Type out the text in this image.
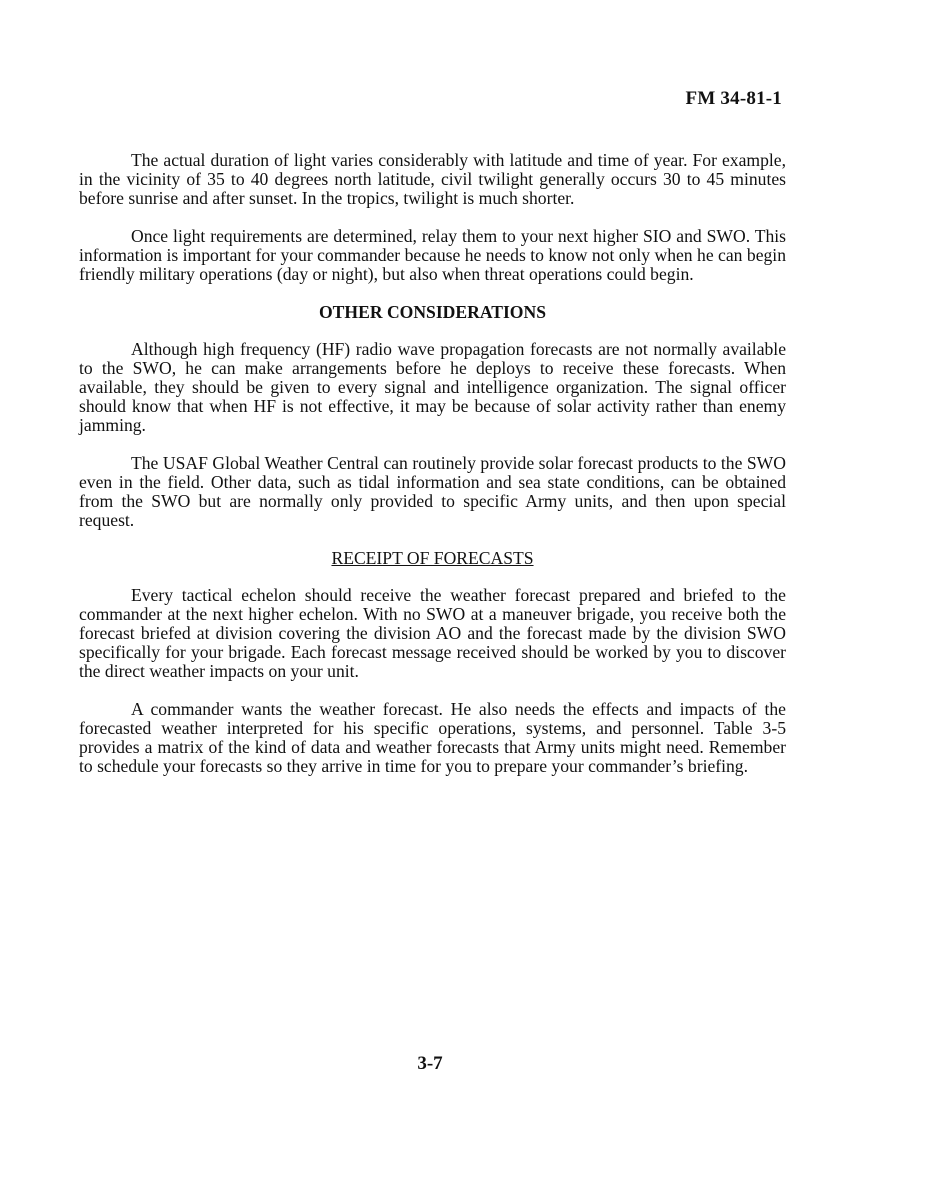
FM 34-81-1

The actual duration of light varies considerably with latitude and time of year. For example, in the vicinity of 35 to 40 degrees north latitude, civil twilight generally occurs 30 to 45 minutes before sunrise and after sunset. In the tropics, twilight is much shorter.

Once light requirements are determined, relay them to your next higher SIO and SWO. This information is important for your commander because he needs to know not only when he can begin friendly military operations (day or night), but also when threat operations could begin.

OTHER CONSIDERATIONS

Although high frequency (HF) radio wave propagation forecasts are not normally available to the SWO, he can make arrangements before he deploys to receive these forecasts. When available, they should be given to every signal and intelligence organization. The signal officer should know that when HF is not effective, it may be because of solar activity rather than enemy jamming.

The USAF Global Weather Central can routinely provide solar forecast products to the SWO even in the field. Other data, such as tidal information and sea state conditions, can be obtained from the SWO but are normally only provided to specific Army units, and then upon special request.

RECEIPT OF FORECASTS

Every tactical echelon should receive the weather forecast prepared and briefed to the commander at the next higher echelon. With no SWO at a maneuver brigade, you receive both the forecast briefed at division covering the division AO and the forecast made by the division SWO specifically for your brigade. Each forecast message received should be worked by you to discover the direct weather impacts on your unit.

A commander wants the weather forecast. He also needs the effects and impacts of the forecasted weather interpreted for his specific operations, systems, and personnel. Table 3-5 provides a matrix of the kind of data and weather forecasts that Army units might need. Remember to schedule your forecasts so they arrive in time for you to prepare your commander’s briefing.

3-7
